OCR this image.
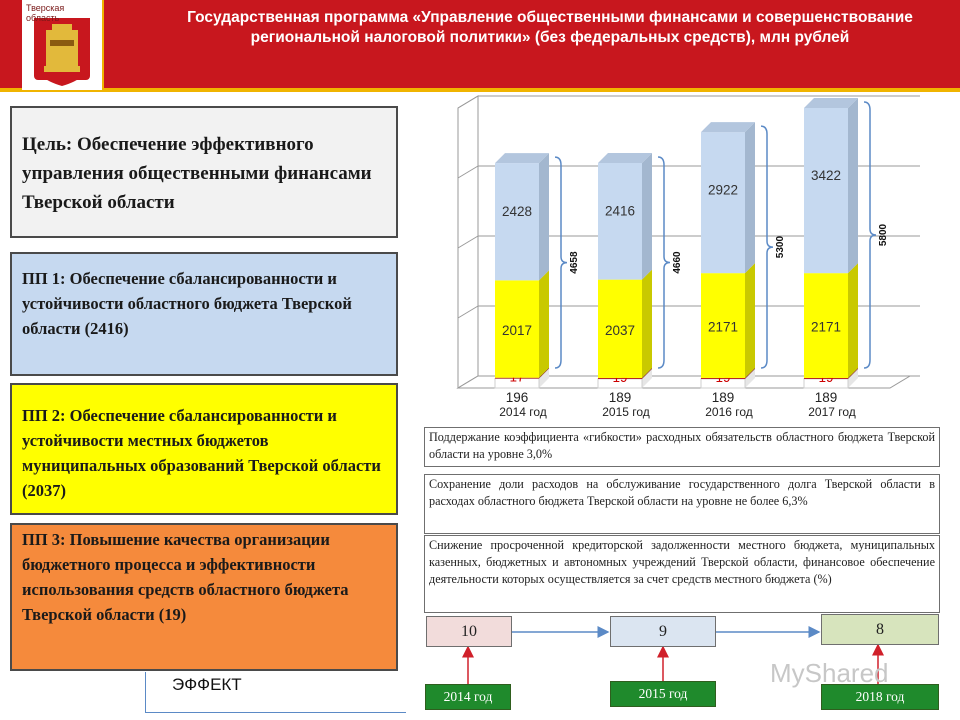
Тверская область	Государственная программа «Управление общественными финансами и совершенствование региональной налоговой политики» (без федеральных средств), млн рублей
Цель: Обеспечение эффективного управления общественными финансами Тверской области
ПП 1: Обеспечение сбалансированности и устойчивости областного бюджета Тверской области (2416)
ПП 2: Обеспечение сбалансированности и устойчивости местных бюджетов муниципальных образований Тверской области (2037)
ПП 3: Повышение качества организации бюджетного процесса и эффективности использования средств областного бюджета Тверской области (19)
ЭФФЕКТ
196
2017
2428
2014 год
4658
189
2037
2416
2015 год
4660
189
2171
2922
2016 год
5300
189
2171
3422
2017 год
5800
Поддержание коэффициента «гибкости» расходных обязательств областного бюджета Тверской области на уровне 3,0%
Сохранение доли расходов на обслуживание государственного долга Тверской области в расходах областного бюджета Тверской области на уровне не более 6,3%
Снижение просроченной кредиторской задолженности местного бюджета, муниципальных казенных, бюджетных и автономных учреждений Тверской области, финансовое обеспечение деятельности которых осуществляется за счет средств местного бюджета (%)
10	9	8
2014 год	2015 год	2018 год
MyShared
